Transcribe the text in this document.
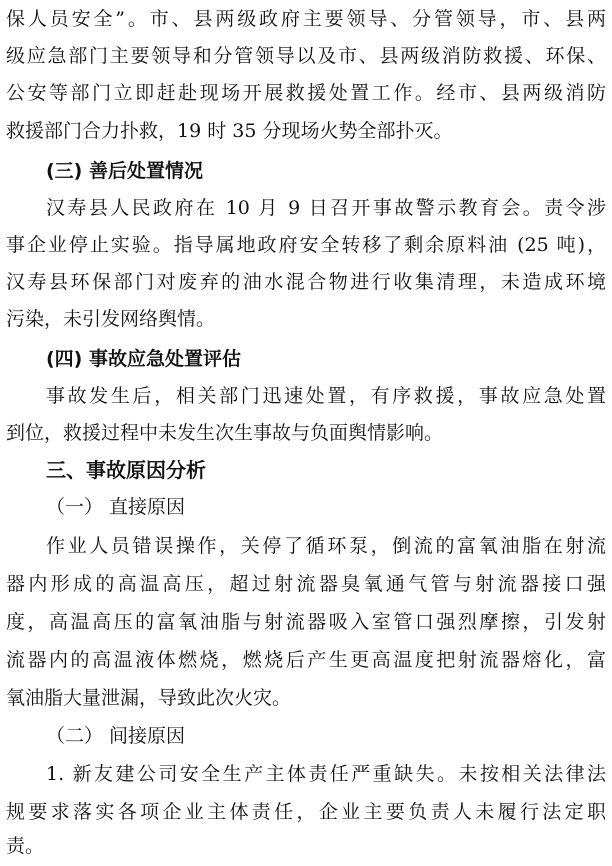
保人员安全”。市、县两级政府主要领导、分管领导，市、县两
级应急部门主要领导和分管领导以及市、县两级消防救援、环保、
公安等部门立即赶赴现场开展救援处置工作。经市、县两级消防
救援部门合力扑救，19 时 35 分现场火势全部扑灭。
(三) 善后处置情况
汉寿县人民政府在 10 月 9 日召开事故警示教育会。责令涉
事企业停止实验。指导属地政府安全转移了剩余原料油 (25 吨)，
汉寿县环保部门对废弃的油水混合物进行收集清理，未造成环境
污染，未引发网络舆情。
(四) 事故应急处置评估
事故发生后，相关部门迅速处置，有序救援，事故应急处置
到位，救援过程中未发生次生事故与负面舆情影响。
三、事故原因分析
（一） 直接原因
作业人员错误操作，关停了循环泵，倒流的富氧油脂在射流
器内形成的高温高压，超过射流器臭氧通气管与射流器接口强
度，高温高压的富氧油脂与射流器吸入室管口强烈摩擦，引发射
流器内的高温液体燃烧，燃烧后产生更高温度把射流器熔化，富
氧油脂大量泄漏，导致此次火灾。
（二） 间接原因
1. 新友建公司安全生产主体责任严重缺失。未按相关法律法
规要求落实各项企业主体责任，企业主要负责人未履行法定职
责。
